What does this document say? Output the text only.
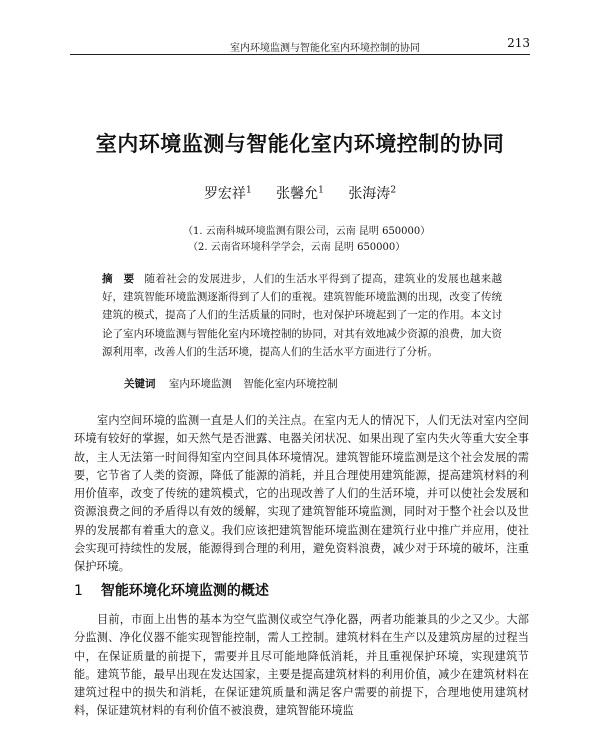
室内环境监测与智能化室内环境控制的协同	213
室内环境监测与智能化室内环境控制的协同
罗宏祥$^1$ 张馨允$^1$ 张海涛$^2$
（1. 云南科城环境监测有限公司，云南 昆明 650000）
（2. 云南省环境科学学会，云南 昆明 650000）
摘　要 随着社会的发展进步，人们的生活水平得到了提高，建筑业的发展也越来越好，建筑智能环境监测逐渐得到了人们的重视。建筑智能环境监测的出现，改变了传统建筑的模式，提高了人们的生活质量的同时，也对保护环境起到了一定的作用。本文讨论了室内环境监测与智能化室内环境控制的协同，对其有效地减少资源的浪费，加大资源利用率，改善人们的生活环境，提高人们的生活水平方面进行了分析。
关键词 室内环境监测 智能化室内环境控制

室内空间环境的监测一直是人们的关注点。在室内无人的情况下，人们无法对室内空间环境有较好的掌握，如天然气是否泄露、电器关闭状况、如果出现了室内失火等重大安全事故，主人无法第一时间得知室内空间具体环境情况。建筑智能环境监测是这个社会发展的需要，它节省了人类的资源，降低了能源的消耗，并且合理使用建筑能源，提高建筑材料的利用价值率，改变了传统的建筑模式，它的出现改善了人们的生活环境，并可以使社会发展和资源浪费之间的矛盾得以有效的缓解，实现了建筑智能环境监测，同时对于整个社会以及世界的发展都有着重大的意义。我们应该把建筑智能环境监测在建筑行业中推广并应用，使社会实现可持续性的发展，能源得到合理的利用，避免资料浪费，减少对于环境的破坏，注重保护环境。

1 智能环境化环境监测的概述

目前，市面上出售的基本为空气监测仪或空气净化器，两者功能兼具的少之又少。大部分监测、净化仪器不能实现智能控制，需人工控制。建筑材料在生产以及建筑房屋的过程当中，在保证质量的前提下，需要并且尽可能地降低消耗，并且重视保护环境，实现建筑节能。建筑节能，最早出现在发达国家，主要是提高建筑材料的利用价值，减少在建筑材料在建筑过程中的损失和消耗，在保证建筑质量和满足客户需要的前提下，合理地使用建筑材料，保证建筑材料的有利价值不被浪费，建筑智能环境监
